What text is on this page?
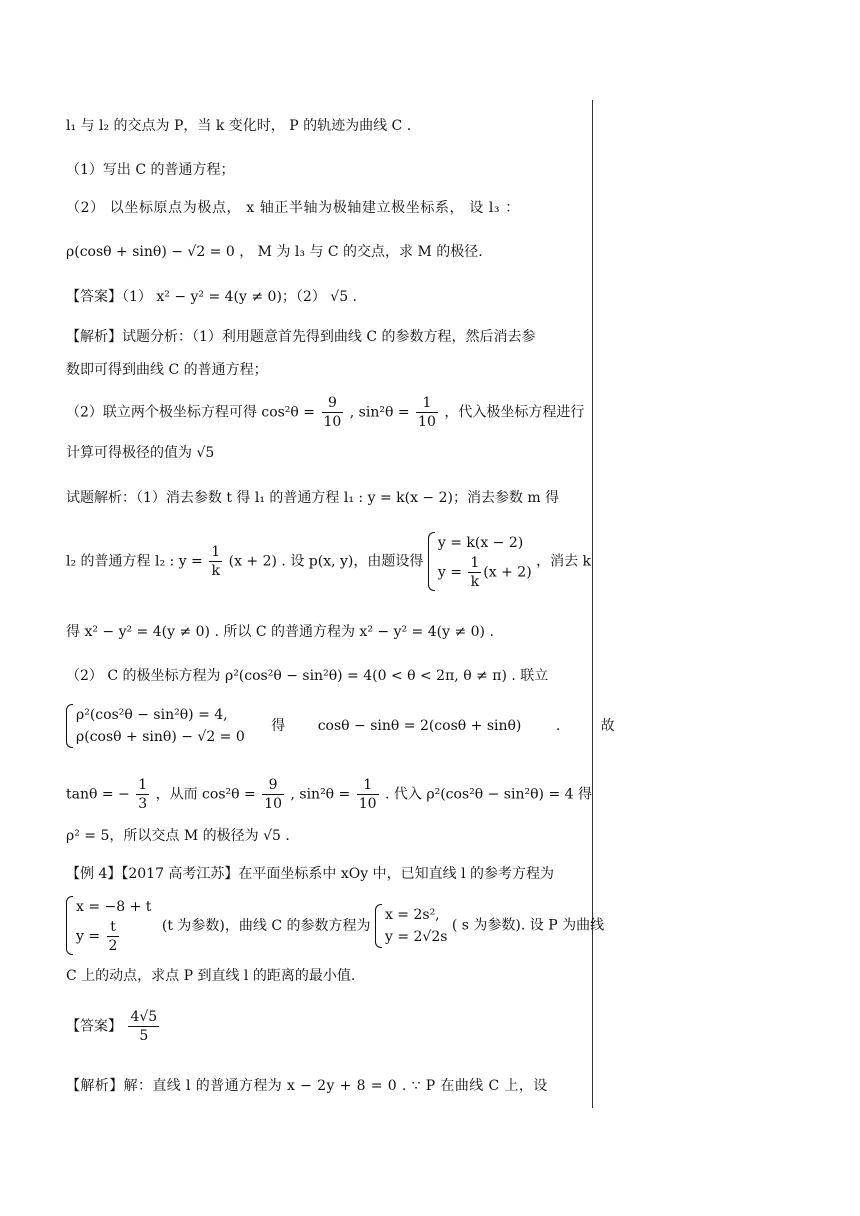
l₁ 与 l₂ 的交点为 P，当 k 变化时， P 的轨迹为曲线 C .
（1）写出 C 的普通方程；
（2） 以坐标原点为极点， x 轴正半轴为极轴建立极坐标系， 设 l₃ ：
ρ(cosθ + sinθ) − √2 = 0 ， M 为 l₃ 与 C 的交点，求 M 的极径.
【答案】（1） x² − y² = 4(y ≠ 0)；（2） √5 .
【解析】试题分析：（1）利用题意首先得到曲线 C 的参数方程，然后消去参
数即可得到曲线 C 的普通方程；
（2）联立两个极坐标方程可得 $\cos^2\theta = \frac{9}{10}$ , $\sin^2\theta = \frac{1}{10}$ ，代入极坐标方程进行
计算可得极径的值为 √5
试题解析：（1）消去参数 t 得 l₁ 的普通方程 l₁ : y = k(x − 2)；消去参数 m 得
l₂ 的普通方程 l₂ : $y = \frac{1}{k} (x + 2)$ . 设 p(x, y)，由题设得
y = k(x − 2)
$y = \frac{1}{k} (x + 2)$
，消去 k
得 x² − y² = 4(y ≠ 0) . 所以 C 的普通方程为 x² − y² = 4(y ≠ 0) .
（2） C 的极坐标方程为 ρ²(cos²θ − sin²θ) = 4(0 < θ < 2π, θ ≠ π) . 联立
ρ²(cos²θ − sin²θ) = 4,
ρ(cosθ + sinθ) − √2 = 0
得 cosθ − sinθ = 2(cosθ + sinθ) .	故
tanθ = − $\frac{1}{3}$ ，从而 $\cos^2\theta = \frac{9}{10}$ , $\sin^2\theta = \frac{1}{10}$ . 代入 ρ²(cos²θ − sin²θ) = 4 得
ρ² = 5，所以交点 M 的极径为 √5 .
【例 4】【2017 高考江苏】在平面坐标系中 xOy 中，已知直线 l 的参考方程为
x = −8 + t
$y = \frac{t}{2}$	(t 为参数)，曲线 C 的参数方程为
x = 2s²,
y = 2√2s
( s 为参数). 设 P 为曲线
C 上的动点，求点 P 到直线 l 的距离的最小值.
【答案】 $\frac{4√5}{5}$
【解析】解：直线 l 的普通方程为 x − 2y + 8 = 0 . ∵ P 在曲线 C 上，设
